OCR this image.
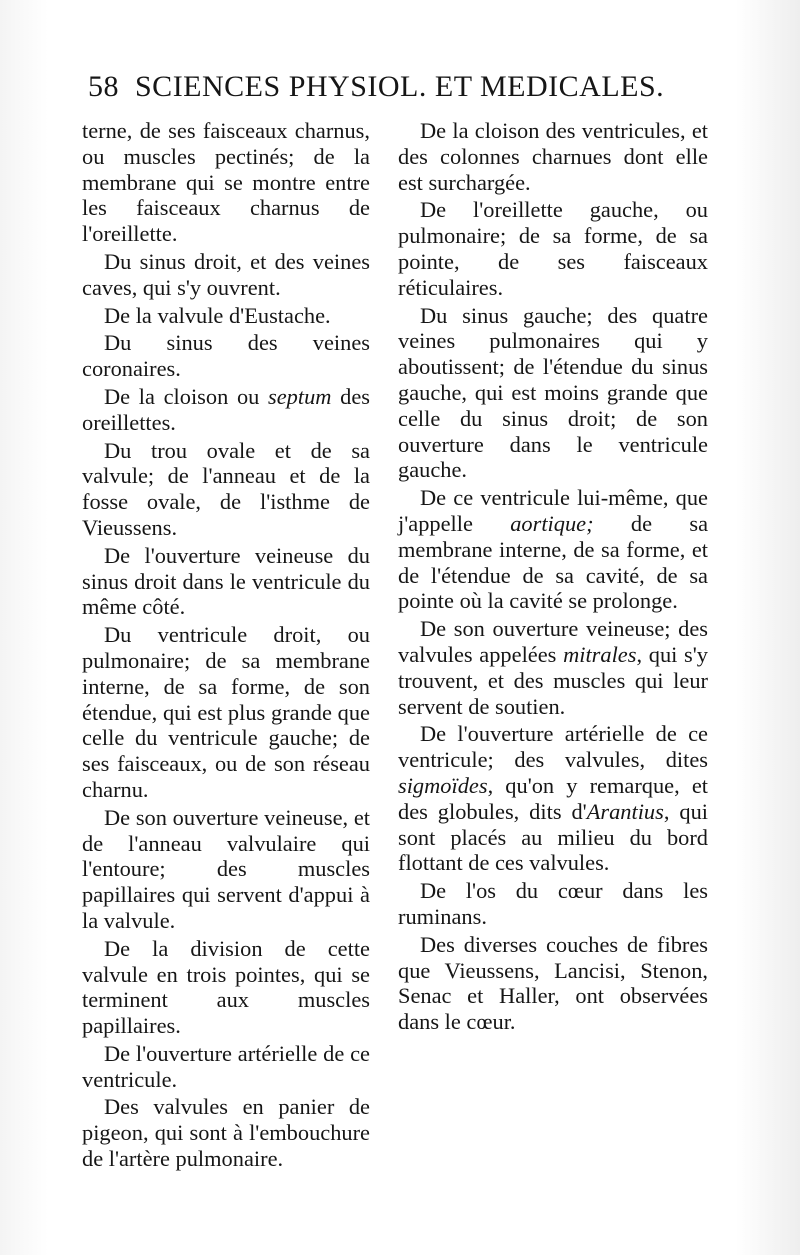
58 SCIENCES PHYSIOL. ET MEDICALES.

terne, de ses faisceaux charnus, ou muscles pectinés; de la membrane qui se montre entre les faisceaux charnus de l'oreillette.

Du sinus droit, et des veines caves, qui s'y ouvrent.

De la valvule d'Eustache.

Du sinus des veines coronaires.

De la cloison ou septum des oreillettes.

Du trou ovale et de sa valvule; de l'anneau et de la fosse ovale, de l'isthme de Vieussens.

De l'ouverture veineuse du sinus droit dans le ventricule du même côté.

Du ventricule droit, ou pulmonaire; de sa membrane interne, de sa forme, de son étendue, qui est plus grande que celle du ventricule gauche; de ses faisceaux, ou de son réseau charnu.

De son ouverture veineuse, et de l'anneau valvulaire qui l'entoure; des muscles papillaires qui servent d'appui à la valvule.

De la division de cette valvule en trois pointes, qui se terminent aux muscles papillaires.

De l'ouverture artérielle de ce ventricule.

Des valvules en panier de pigeon, qui sont à l'embouchure de l'artère pulmonaire.

De la cloison des ventricules, et des colonnes charnues dont elle est surchargée.

De l'oreillette gauche, ou pulmonaire; de sa forme, de sa pointe, de ses faisceaux réticulaires.

Du sinus gauche; des quatre veines pulmonaires qui y aboutissent; de l'étendue du sinus gauche, qui est moins grande que celle du sinus droit; de son ouverture dans le ventricule gauche.

De ce ventricule lui-même, que j'appelle aortique; de sa membrane interne, de sa forme, et de l'étendue de sa cavité, de sa pointe où la cavité se prolonge.

De son ouverture veineuse; des valvules appelées mitrales, qui s'y trouvent, et des muscles qui leur servent de soutien.

De l'ouverture artérielle de ce ventricule; des valvules, dites sigmoïdes, qu'on y remarque, et des globules, dits d'Arantius, qui sont placés au milieu du bord flottant de ces valvules.

De l'os du cœur dans les ruminans.

Des diverses couches de fibres que Vieussens, Lancisi, Stenon, Senac et Haller, ont observées dans le cœur.
